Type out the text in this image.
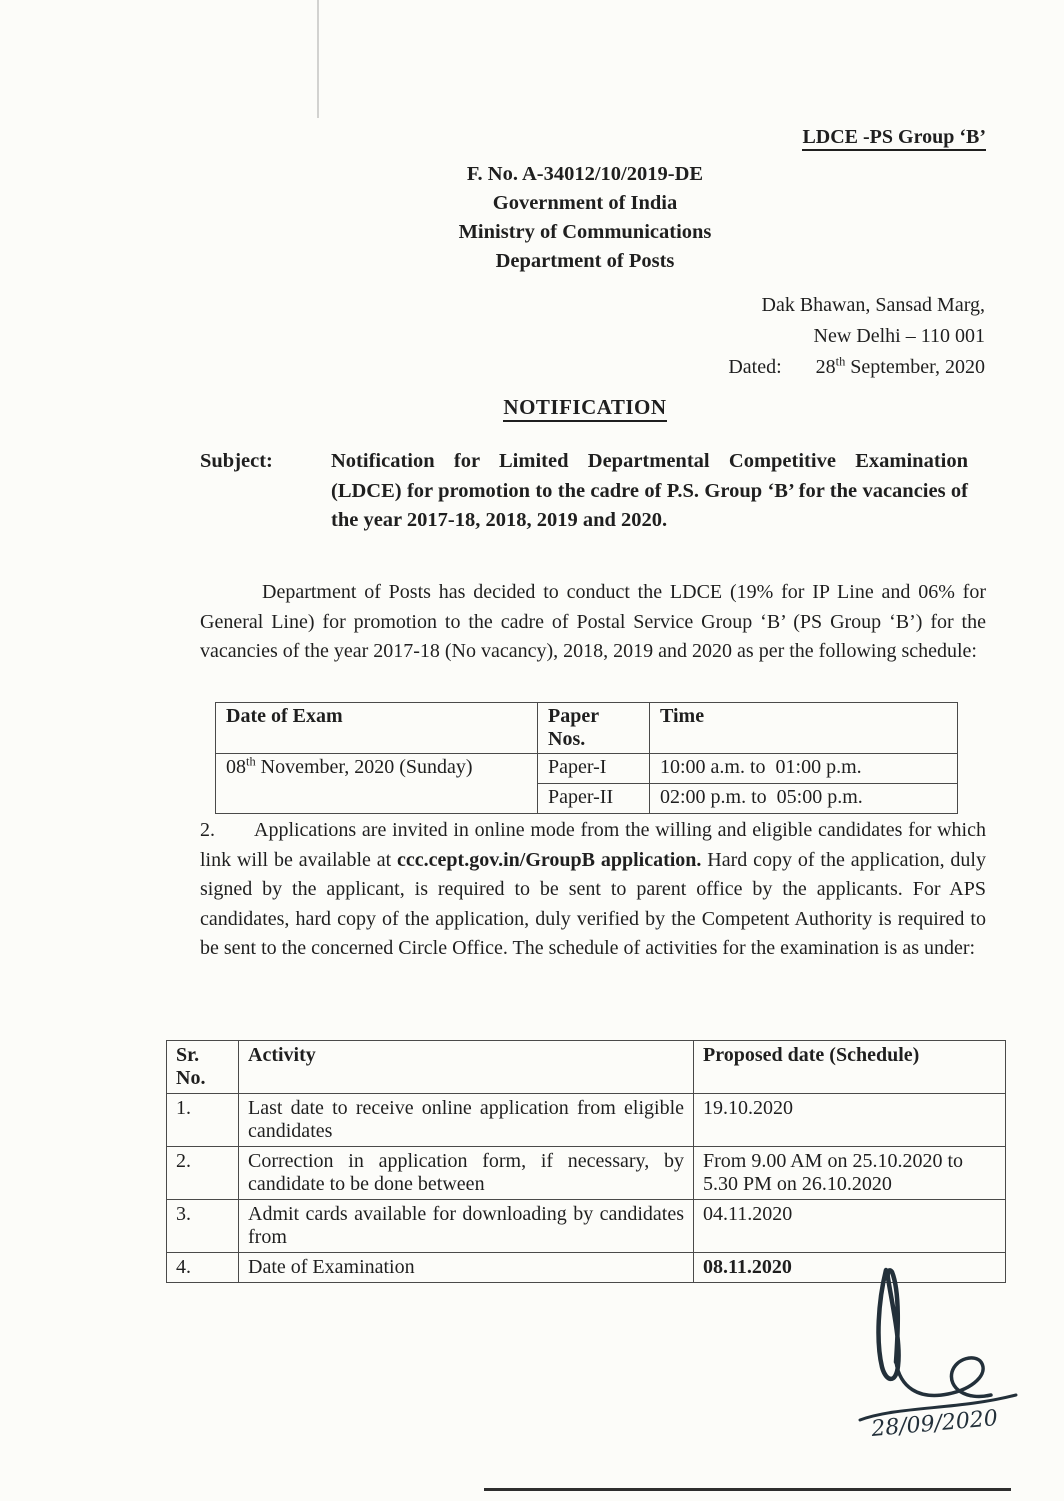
LDCE -PS Group ‘B’
F. No. A-34012/10/2019-DE
Government of India
Ministry of Communications
Department of Posts
Dak Bhawan, Sansad Marg,
New Delhi – 110 001
Dated: 28th September, 2020
NOTIFICATION
Subject:	Notification for Limited Departmental Competitive Examination (LDCE) for promotion to the cadre of P.S. Group ‘B’ for the vacancies of the year 2017-18, 2018, 2019 and 2020.
Department of Posts has decided to conduct the LDCE (19% for IP Line and 06% for General Line) for promotion to the cadre of Postal Service Group ‘B’ (PS Group ‘B’) for the vacancies of the year 2017-18 (No vacancy), 2018, 2019 and 2020 as per the following schedule:
Date of Exam	Paper Nos.	Time
08th November, 2020 (Sunday)	Paper-I	10:00 a.m. to  01:00 p.m.
	Paper-II	02:00 p.m. to  05:00 p.m.
2. Applications are invited in online mode from the willing and eligible candidates for which link will be available at ccc.cept.gov.in/GroupB application. Hard copy of the application, duly signed by the applicant, is required to be sent to parent office by the applicants. For APS candidates, hard copy of the application, duly verified by the Competent Authority is required to be sent to the concerned Circle Office. The schedule of activities for the examination is as under:
Sr. No.	Activity	Proposed date (Schedule)
1.	Last date to receive online application from eligible candidates	19.10.2020
2.	Correction in application form, if necessary, by candidate to be done between	From 9.00 AM on 25.10.2020 to 5.30 PM on 26.10.2020
3.	Admit cards available for downloading by candidates from	04.11.2020
4.	Date of Examination	08.11.2020
28/09/2020
